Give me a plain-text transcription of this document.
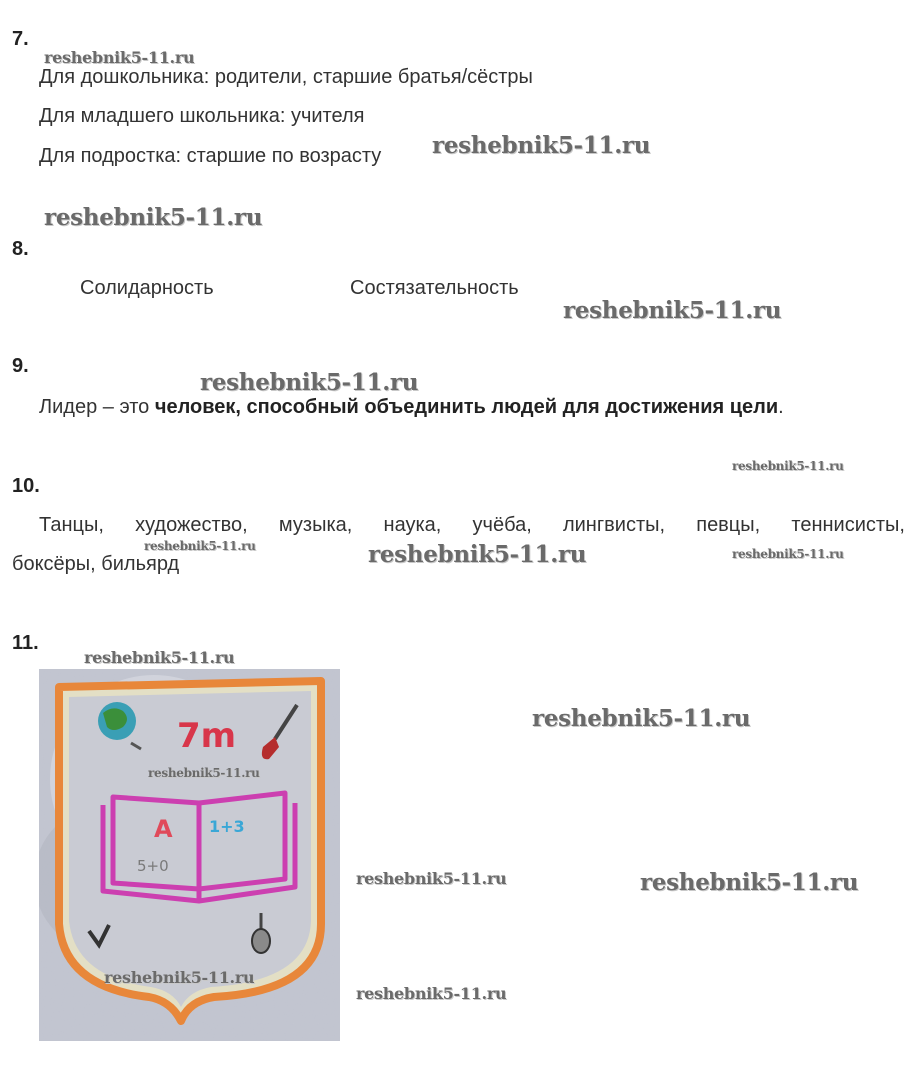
7.
Для дошкольника: родители, старшие братья/сёстры
Для младшего школьника: учителя
Для подростка: старшие по возрасту
8.
Солидарность	Состязательность
9.
Лидер – это человек, способный объединить людей для достижения цели.
10.
Танцы, художество, музыка, наука, учёба, лингвисты, певцы, теннисисты,
боксёры, бильярд
11.
7m
А 1+3
5+0
reshebnik5-11.ru
reshebnik5-11.ru
reshebnik5-11.ru
reshebnik5-11.ru
reshebnik5-11.ru
reshebnik5-11.ru
reshebnik5-11.ru	reshebnik5-11.ru	reshebnik5-11.ru
reshebnik5-11.ru
reshebnik5-11.ru
reshebnik5-11.ru
reshebnik5-11.ru	reshebnik5-11.ru
reshebnik5-11.ru
reshebnik5-11.ru
